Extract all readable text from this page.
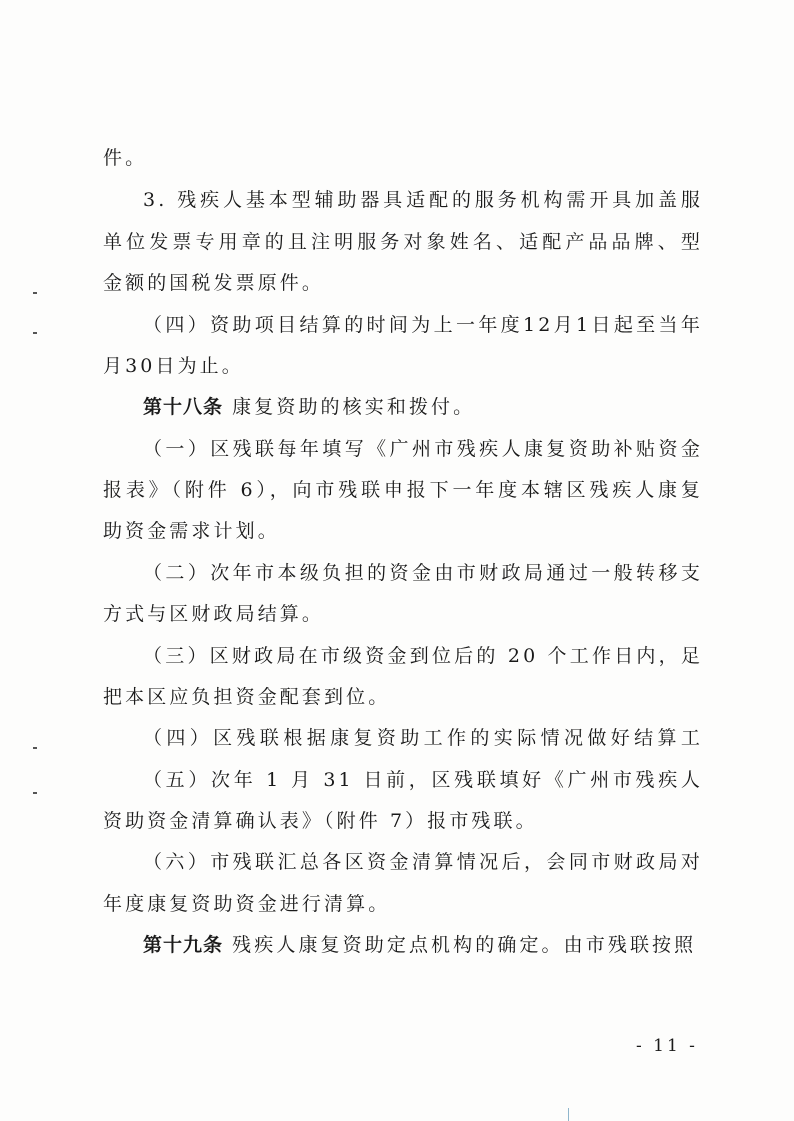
件。
3. 残疾人基本型辅助器具适配的服务机构需开具加盖服
单位发票专用章的且注明服务对象姓名、适配产品品牌、型
金额的国税发票原件。
（四）资助项目结算的时间为上一年度12月1日起至当年
月30日为止。
第十八条 康复资助的核实和拨付。
（一）区残联每年填写《广州市残疾人康复资助补贴资金
报表》（附件 6），向市残联申报下一年度本辖区残疾人康复
助资金需求计划。
（二）次年市本级负担的资金由市财政局通过一般转移支
方式与区财政局结算。
（三）区财政局在市级资金到位后的 20 个工作日内，足
把本区应负担资金配套到位。
（四）区残联根据康复资助工作的实际情况做好结算工
（五）次年 1 月 31 日前，区残联填好《广州市残疾人
资助资金清算确认表》（附件 7）报市残联。
（六）市残联汇总各区资金清算情况后，会同市财政局对
年度康复资助资金进行清算。
第十九条 残疾人康复资助定点机构的确定。由市残联按照
- 11 -
